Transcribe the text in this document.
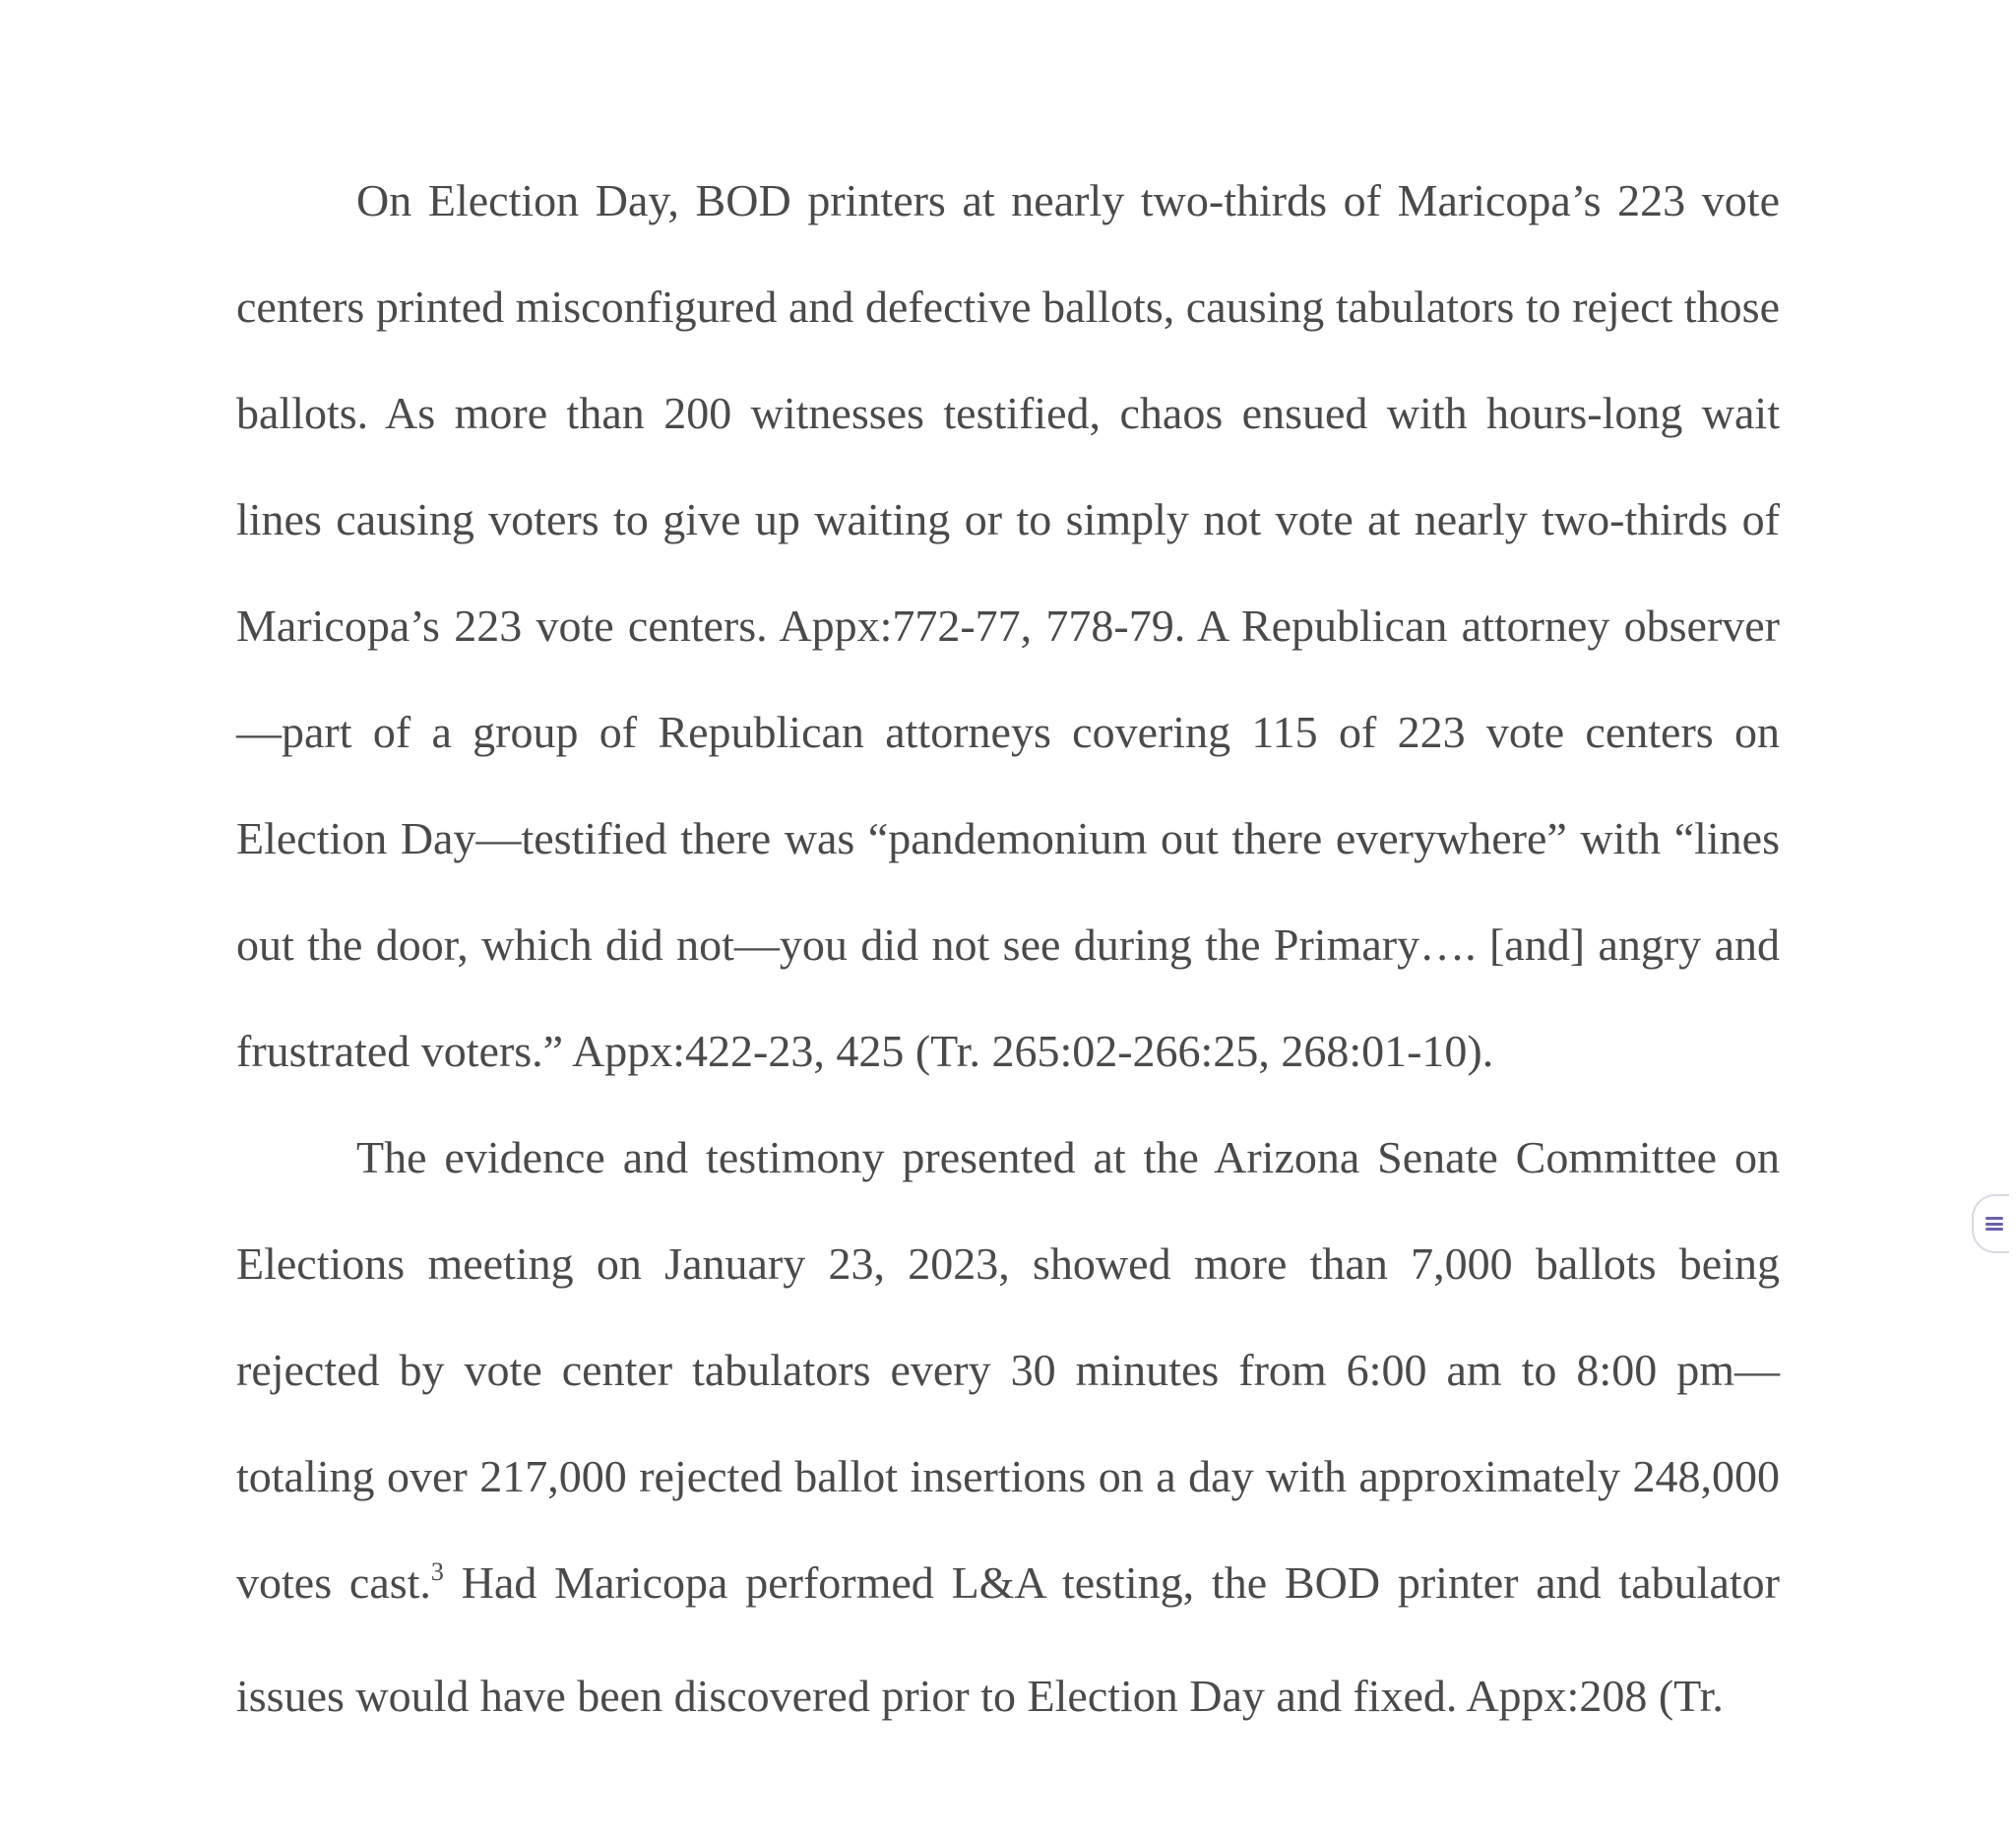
On Election Day, BOD printers at nearly two-thirds of Maricopa’s 223 vote centers printed misconfigured and defective ballots, causing tabulators to reject those ballots. As more than 200 witnesses testified, chaos ensued with hours-long wait lines causing voters to give up waiting or to simply not vote at nearly two-thirds of Maricopa’s 223 vote centers. Appx:772-77, 778-79. A Republican attorney observer—part of a group of Republican attorneys covering 115 of 223 vote centers on Election Day—testified there was “pandemonium out there everywhere” with “lines out the door, which did not—you did not see during the Primary…. [and] angry and frustrated voters.” Appx:422-23, 425 (Tr. 265:02-266:25, 268:01-10).

The evidence and testimony presented at the Arizona Senate Committee on Elections meeting on January 23, 2023, showed more than 7,000 ballots being rejected by vote center tabulators every 30 minutes from 6:00 am to 8:00 pm—totaling over 217,000 rejected ballot insertions on a day with approximately 248,000 votes cast.$^3$ Had Maricopa performed L&A testing, the BOD printer and tabulator issues would have been discovered prior to Election Day and fixed. Appx:208 (Tr.
